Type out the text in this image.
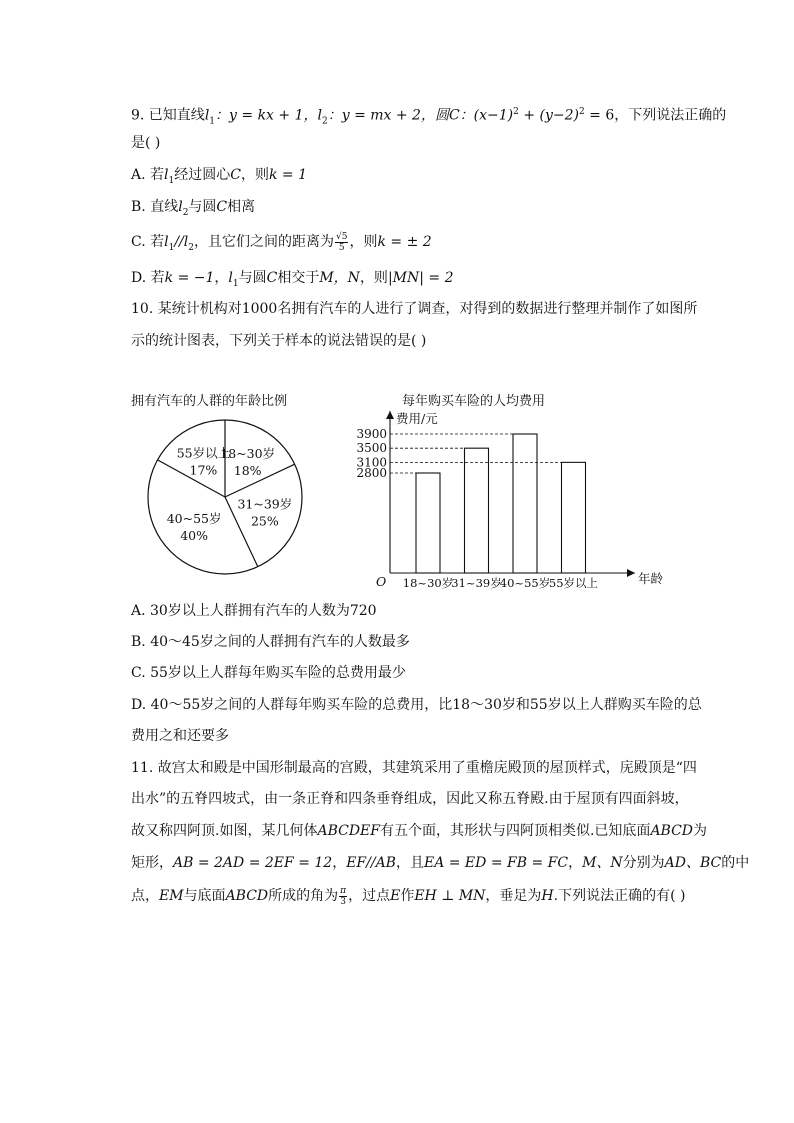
9. 已知直线$l_1$：y = kx + 1，$l_2$：y = mx + 2，圆C：$(x-1)^2 + (y-2)^2 = 6$，下列说法正确的
是( )
A. 若$l_1$经过圆心C，则k = 1
B. 直线$l_2$与圆C相离
C. 若$l_1//l_2$，且它们之间的距离为 $\frac{√5}{5}$ ，则k = ± 2
D. 若k = −1，$l_1$与圆C相交于M，N，则|MN| = 2
10. 某统计机构对1000名拥有汽车的人进行了调查，对得到的数据进行整理并制作了如图所
示的统计图表，下列关于样本的说法错误的是( )
拥有汽车的人群的年龄比例	每年购买车险的人均费用
18~30岁
18%
31~39岁
25%
40~55岁
40%
55岁以上
17%
费用/元
年龄
O 18~30岁
31~39岁
40~55岁
55岁以上
2800
3100
3500
3900
A. 30岁以上人群拥有汽车的人数为720
B. 40～45岁之间的人群拥有汽车的人数最多
C. 55岁以上人群每年购买车险的总费用最少
D. 40～55岁之间的人群每年购买车险的总费用，比18～30岁和55岁以上人群购买车险的总
费用之和还要多
11. 故宫太和殿是中国形制最高的宫殿，其建筑采用了重檐庑殿顶的屋顶样式，庑殿顶是“四
出水”的五脊四坡式，由一条正脊和四条垂脊组成，因此又称五脊殿.由于屋顶有四面斜坡，
故又称四阿顶.如图，某几何体ABCDEF有五个面，其形状与四阿顶相类似.已知底面ABCD为
矩形，AB = 2AD = 2EF = 12，EF//AB，且EA = ED = FB = FC，M、N分别为AD、BC的中
点，EM与底面ABCD所成的角为 $\frac{\pi}{3}$ ，过点E作EH ⊥ MN，垂足为H.下列说法正确的有( )
